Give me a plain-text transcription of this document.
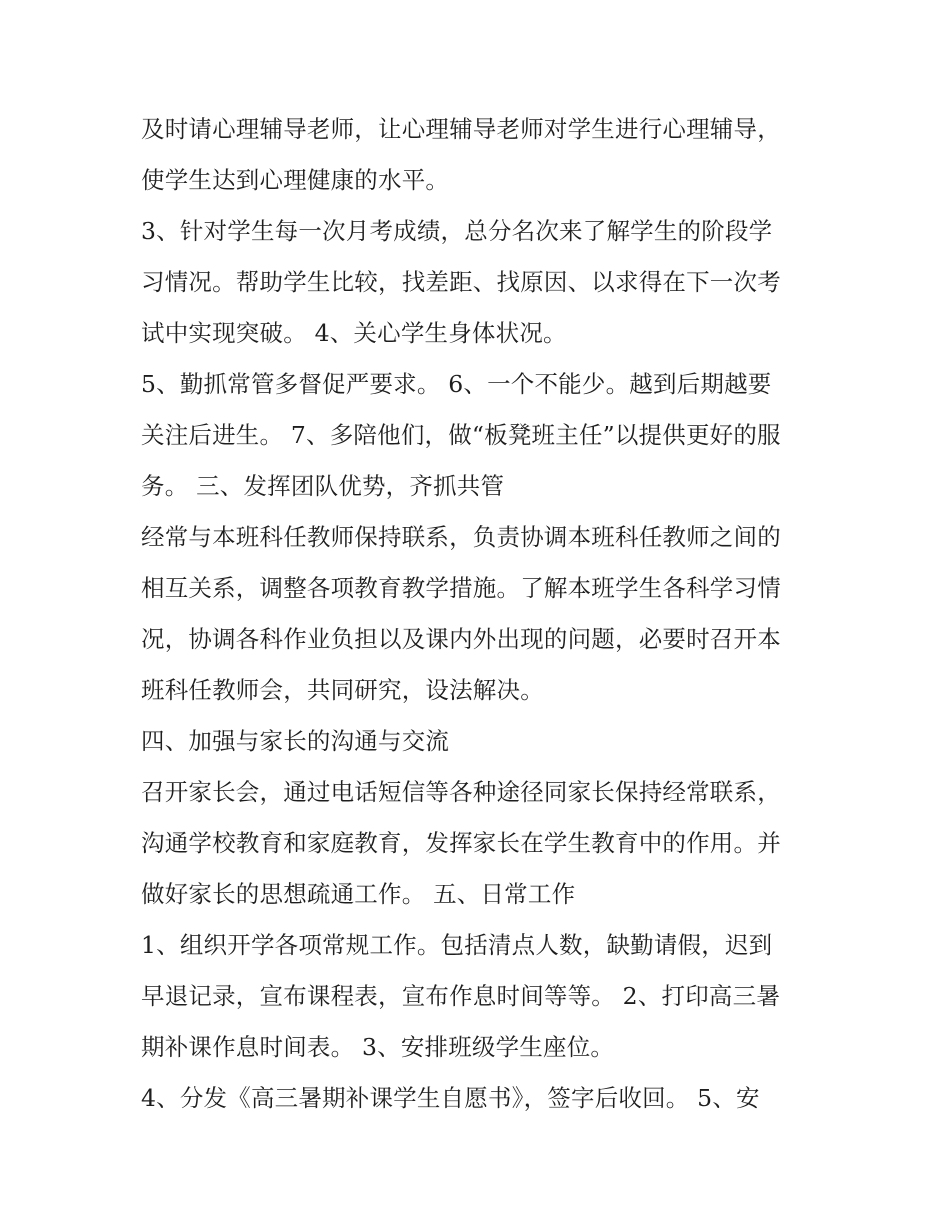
及时请心理辅导老师，让心理辅导老师对学生进行心理辅导，
使学生达到心理健康的水平。
3、针对学生每一次月考成绩，总分名次来了解学生的阶段学
习情况。帮助学生比较，找差距、找原因、以求得在下一次考
试中实现突破。 4、关心学生身体状况。
5、勤抓常管多督促严要求。 6、一个不能少。越到后期越要
关注后进生。 7、多陪他们，做“板凳班主任”以提供更好的服
务。 三、发挥团队优势，齐抓共管
经常与本班科任教师保持联系，负责协调本班科任教师之间的
相互关系，调整各项教育教学措施。了解本班学生各科学习情
况，协调各科作业负担以及课内外出现的问题，必要时召开本
班科任教师会，共同研究，设法解决。
四、加强与家长的沟通与交流
召开家长会，通过电话短信等各种途径同家长保持经常联系，
沟通学校教育和家庭教育，发挥家长在学生教育中的作用。并
做好家长的思想疏通工作。 五、日常工作
1、组织开学各项常规工作。包括清点人数，缺勤请假，迟到
早退记录，宣布课程表，宣布作息时间等等。 2、打印高三暑
期补课作息时间表。 3、安排班级学生座位。
4、分发《高三暑期补课学生自愿书》，签字后收回。 5、安
